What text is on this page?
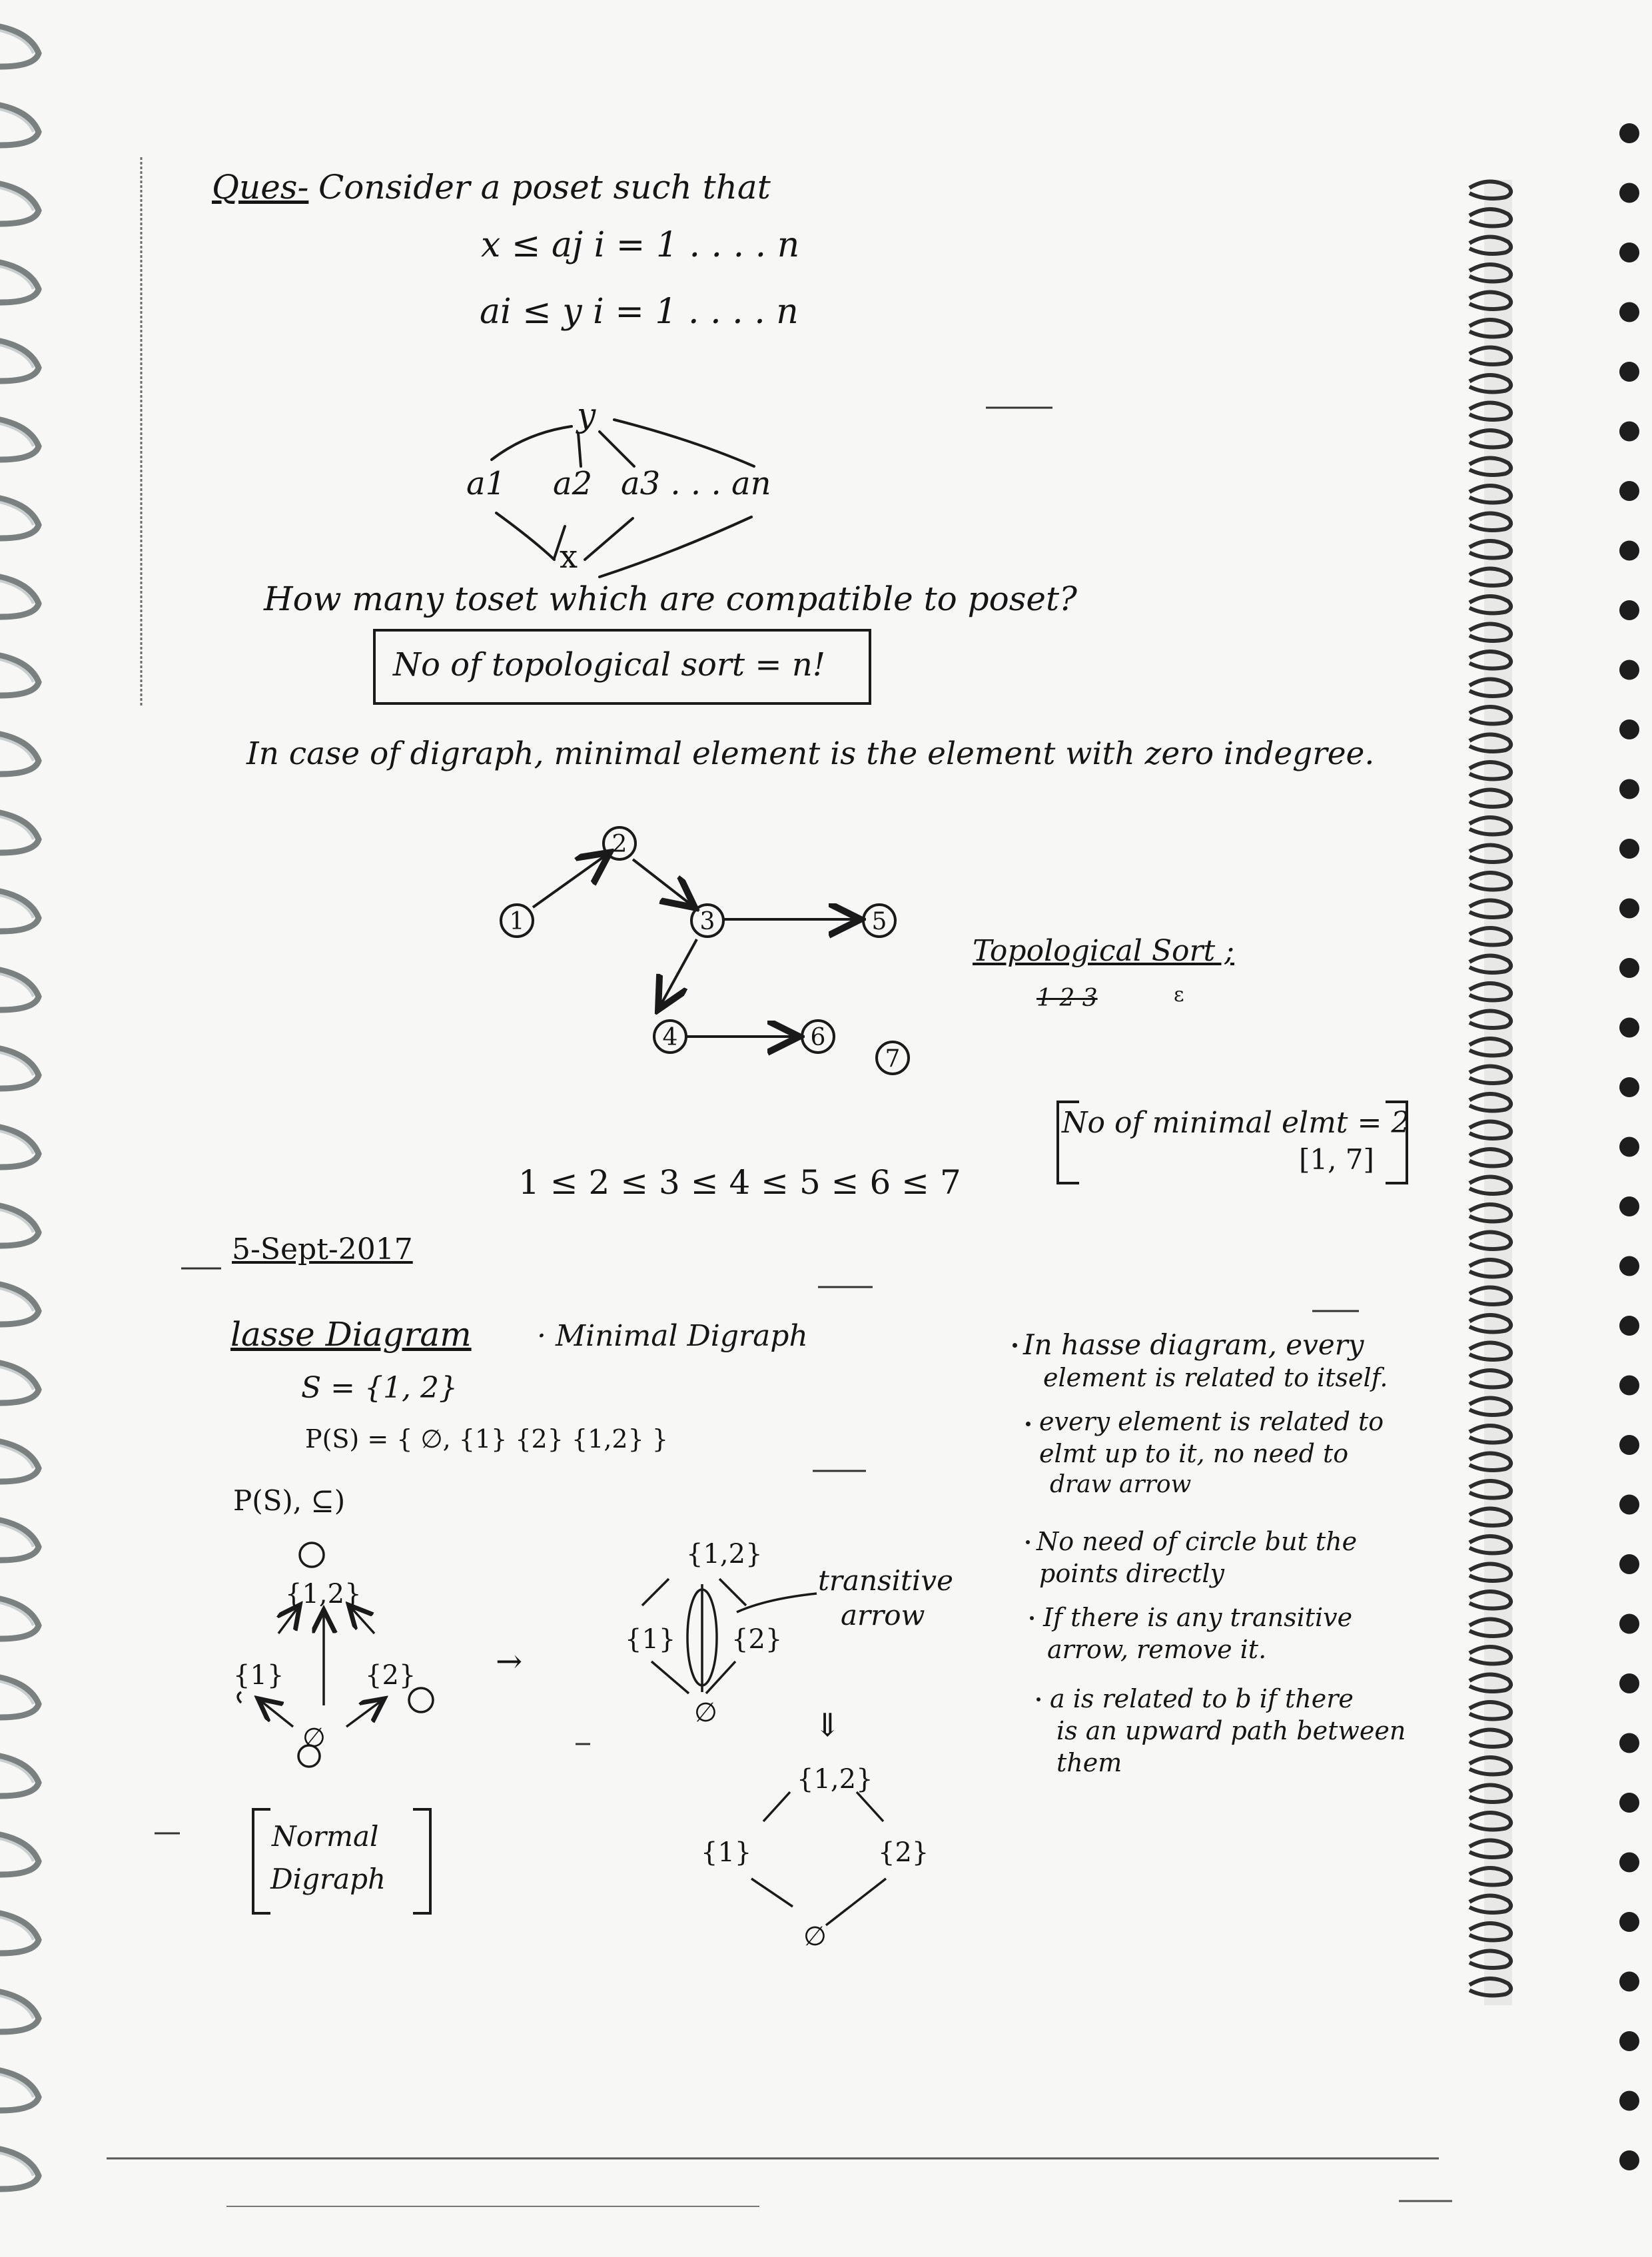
Ques- Consider a poset such that
x ≤ aj i = 1 . . . . n
ai ≤ y i = 1 . . . . n
y
a1 a2 a3 . . . an
x
How many toset which are compatible to poset?
No of topological sort = n!
In case of digraph, minimal element is the element with zero indegree.
1
2
3
4
5
6
7
Topological Sort ;
1 2 3	ε
No of minimal elmt = 2
[1, 7]
1 ≤ 2 ≤ 3 ≤ 4 ≤ 5 ≤ 6 ≤ 7
5-Sept-2017
lasse Diagram · Minimal Digraph
S = {1, 2}
P(S) = { ∅, {1} {2} {1,2} }
P(S), ⊆)
{1,2}
{1}	{2}
∅
Normal
Digraph
→
{1,2}
{1} {2}
∅
transitive
arrow
⇓
{1,2}
{1}	{2}
∅
In hasse diagram, every
element is related to itself.
every element is related to
elmt up to it, no need to
draw arrow
No need of circle but the
points directly
If there is any transitive
arrow, remove it.
a is related to b if there
is an upward path between
them
